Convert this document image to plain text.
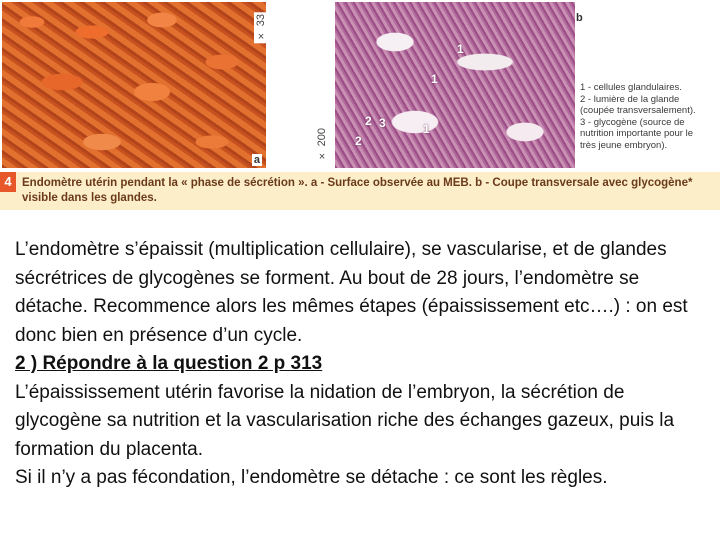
× 33
a
1
2 3	1
2
1
× 200
b
1 - cellules glandulaires.
2 - lumière de la glande
(coupée transversalement).
3 - glycogène (source de
nutrition importante pour le
très jeune embryon).
4 Endomètre utérin pendant la « phase de sécrétion ». a - Surface observée au MEB. b - Coupe transversale avec glycogène* visible dans les glandes.

L’endomètre s’épaissit (multiplication cellulaire), se vascularise, et de glandes sécrétrices de glycogènes se forment. Au bout de 28 jours, l’endomètre se détache. Recommence alors les mêmes étapes (épaississement etc….) : on est donc bien en présence d’un cycle.

2 ) Répondre à la question 2 p 313

L’épaississement utérin favorise la nidation de l’embryon, la sécrétion de glycogène sa nutrition et la vascularisation riche des échanges gazeux, puis la formation du placenta.

Si il n’y a pas fécondation, l’endomètre se détache : ce sont les règles.
